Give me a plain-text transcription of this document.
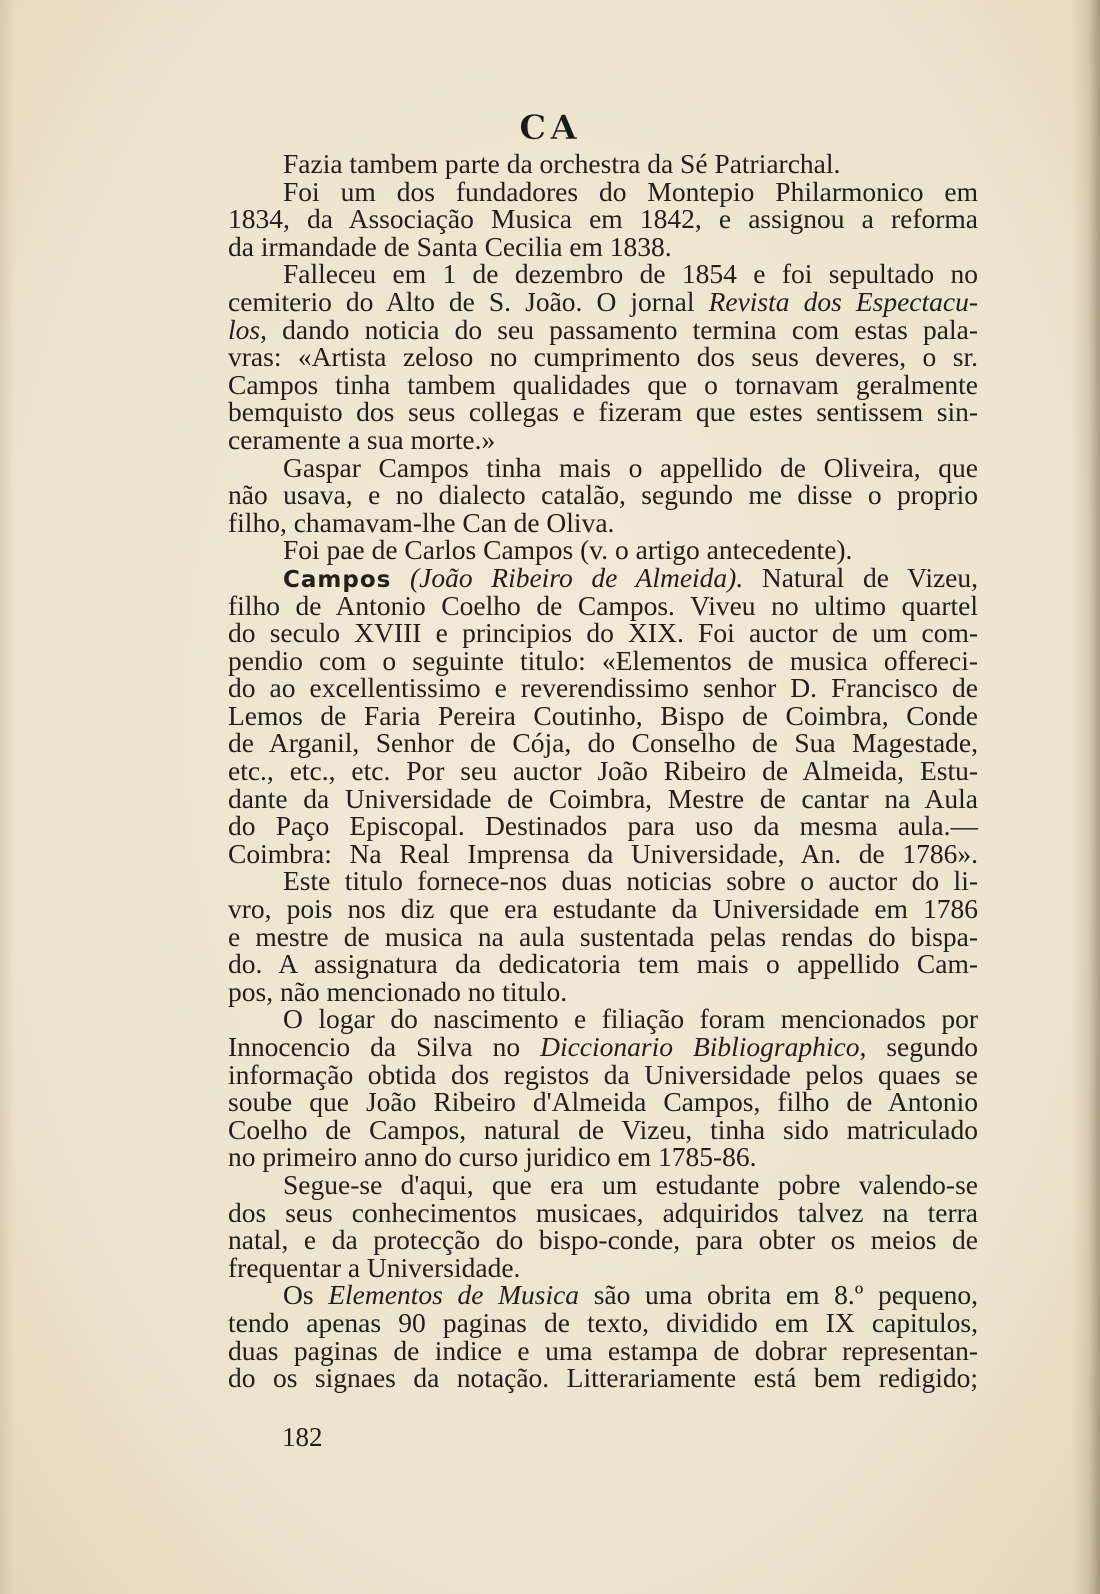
CA
Fazia tambem parte da orchestra da Sé Patriarchal.
Foi um dos fundadores do Montepio Philarmonico em
1834, da Associação Musica em 1842, e assignou a reforma
da irmandade de Santa Cecilia em 1838.
Falleceu em 1 de dezembro de 1854 e foi sepultado no
cemiterio do Alto de S. João. O jornal Revista dos Espectacu-
los, dando noticia do seu passamento termina com estas pala-
vras: «Artista zeloso no cumprimento dos seus deveres, o sr.
Campos tinha tambem qualidades que o tornavam geralmente
bemquisto dos seus collegas e fizeram que estes sentissem sin-
ceramente a sua morte.»
Gaspar Campos tinha mais o appellido de Oliveira, que
não usava, e no dialecto catalão, segundo me disse o proprio
filho, chamavam-lhe Can de Oliva.
Foi pae de Carlos Campos (v. o artigo antecedente).
Campos (João Ribeiro de Almeida). Natural de Vizeu,
filho de Antonio Coelho de Campos. Viveu no ultimo quartel
do seculo XVIII e principios do XIX. Foi auctor de um com-
pendio com o seguinte titulo: «Elementos de musica offereci-
do ao excellentissimo e reverendissimo senhor D. Francisco de
Lemos de Faria Pereira Coutinho, Bispo de Coimbra, Conde
de Arganil, Senhor de Cója, do Conselho de Sua Magestade,
etc., etc., etc. Por seu auctor João Ribeiro de Almeida, Estu-
dante da Universidade de Coimbra, Mestre de cantar na Aula
do Paço Episcopal. Destinados para uso da mesma aula.—
Coimbra: Na Real Imprensa da Universidade, An. de 1786».
Este titulo fornece-nos duas noticias sobre o auctor do li-
vro, pois nos diz que era estudante da Universidade em 1786
e mestre de musica na aula sustentada pelas rendas do bispa-
do. A assignatura da dedicatoria tem mais o appellido Cam-
pos, não mencionado no titulo.
O logar do nascimento e filiação foram mencionados por
Innocencio da Silva no Diccionario Bibliographico, segundo
informação obtida dos registos da Universidade pelos quaes se
soube que João Ribeiro d'Almeida Campos, filho de Antonio
Coelho de Campos, natural de Vizeu, tinha sido matriculado
no primeiro anno do curso juridico em 1785-86.
Segue-se d'aqui, que era um estudante pobre valendo-se
dos seus conhecimentos musicaes, adquiridos talvez na terra
natal, e da protecção do bispo-conde, para obter os meios de
frequentar a Universidade.
Os Elementos de Musica são uma obrita em 8.º pequeno,
tendo apenas 90 paginas de texto, dividido em IX capitulos,
duas paginas de indice e uma estampa de dobrar representan-
do os signaes da notação. Litterariamente está bem redigido;
182
